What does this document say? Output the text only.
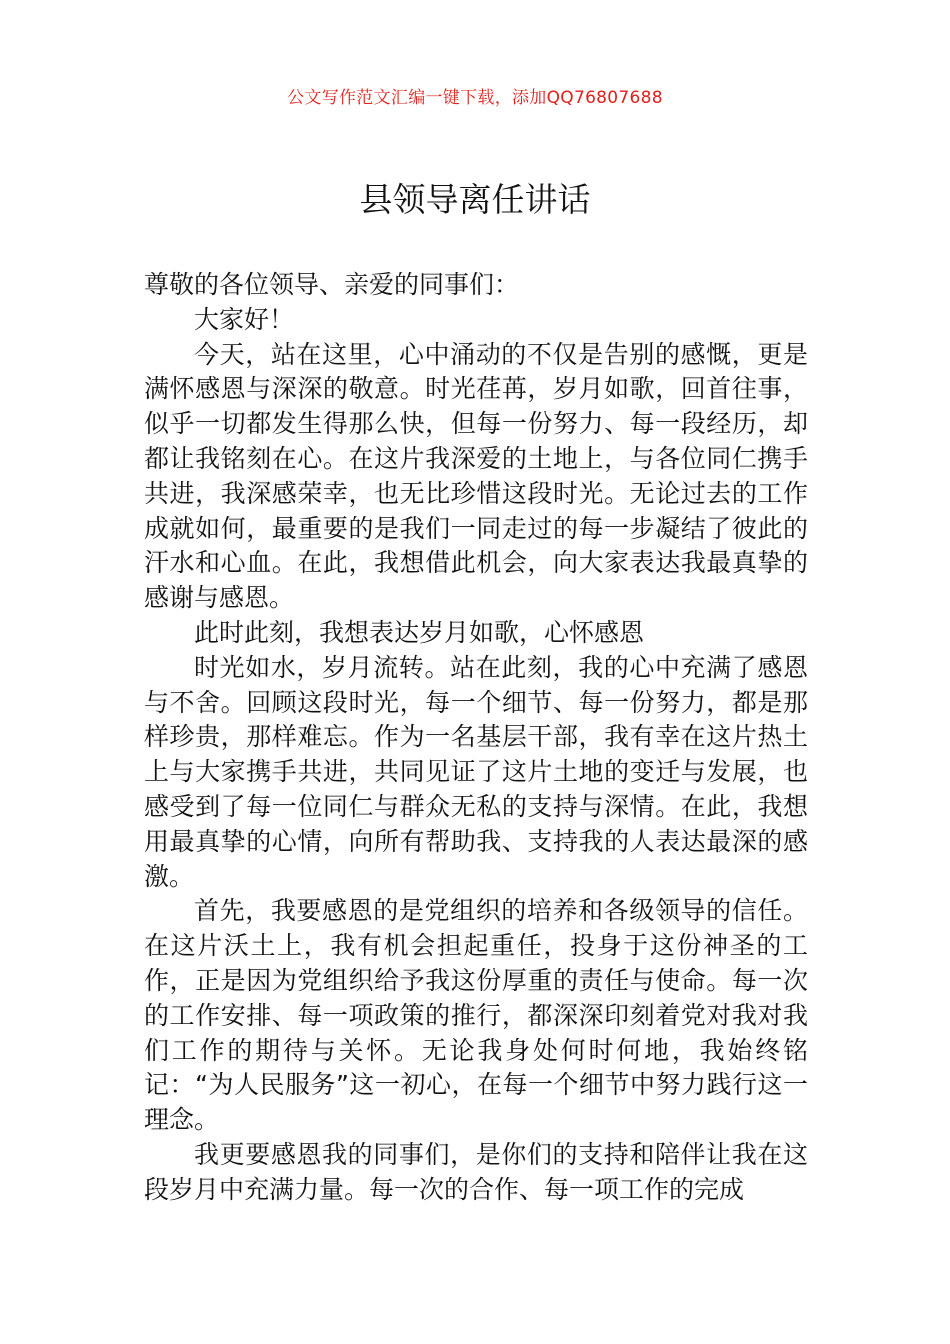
公文写作范文汇编一键下载，添加QQ76807688
县领导离任讲话

尊敬的各位领导、亲爱的同事们：

大家好！

今天，站在这里，心中涌动的不仅是告别的感慨，更是满怀感恩与深深的敬意。时光荏苒，岁月如歌，回首往事，似乎一切都发生得那么快，但每一份努力、每一段经历，却都让我铭刻在心。在这片我深爱的土地上，与各位同仁携手共进，我深感荣幸，也无比珍惜这段时光。无论过去的工作成就如何，最重要的是我们一同走过的每一步凝结了彼此的汗水和心血。在此，我想借此机会，向大家表达我最真挚的感谢与感恩。

此时此刻，我想表达岁月如歌，心怀感恩

时光如水，岁月流转。站在此刻，我的心中充满了感恩与不舍。回顾这段时光，每一个细节、每一份努力，都是那样珍贵，那样难忘。作为一名基层干部，我有幸在这片热土上与大家携手共进，共同见证了这片土地的变迁与发展，也感受到了每一位同仁与群众无私的支持与深情。在此，我想用最真挚的心情，向所有帮助我、支持我的人表达最深的感激。

首先，我要感恩的是党组织的培养和各级领导的信任。在这片沃土上，我有机会担起重任，投身于这份神圣的工作，正是因为党组织给予我这份厚重的责任与使命。每一次的工作安排、每一项政策的推行，都深深印刻着党对我对我们工作的期待与关怀。无论我身处何时何地，我始终铭记：“为人民服务”这一初心，在每一个细节中努力践行这一理念。

我更要感恩我的同事们，是你们的支持和陪伴让我在这段岁月中充满力量。每一次的合作、每一项工作的完成
